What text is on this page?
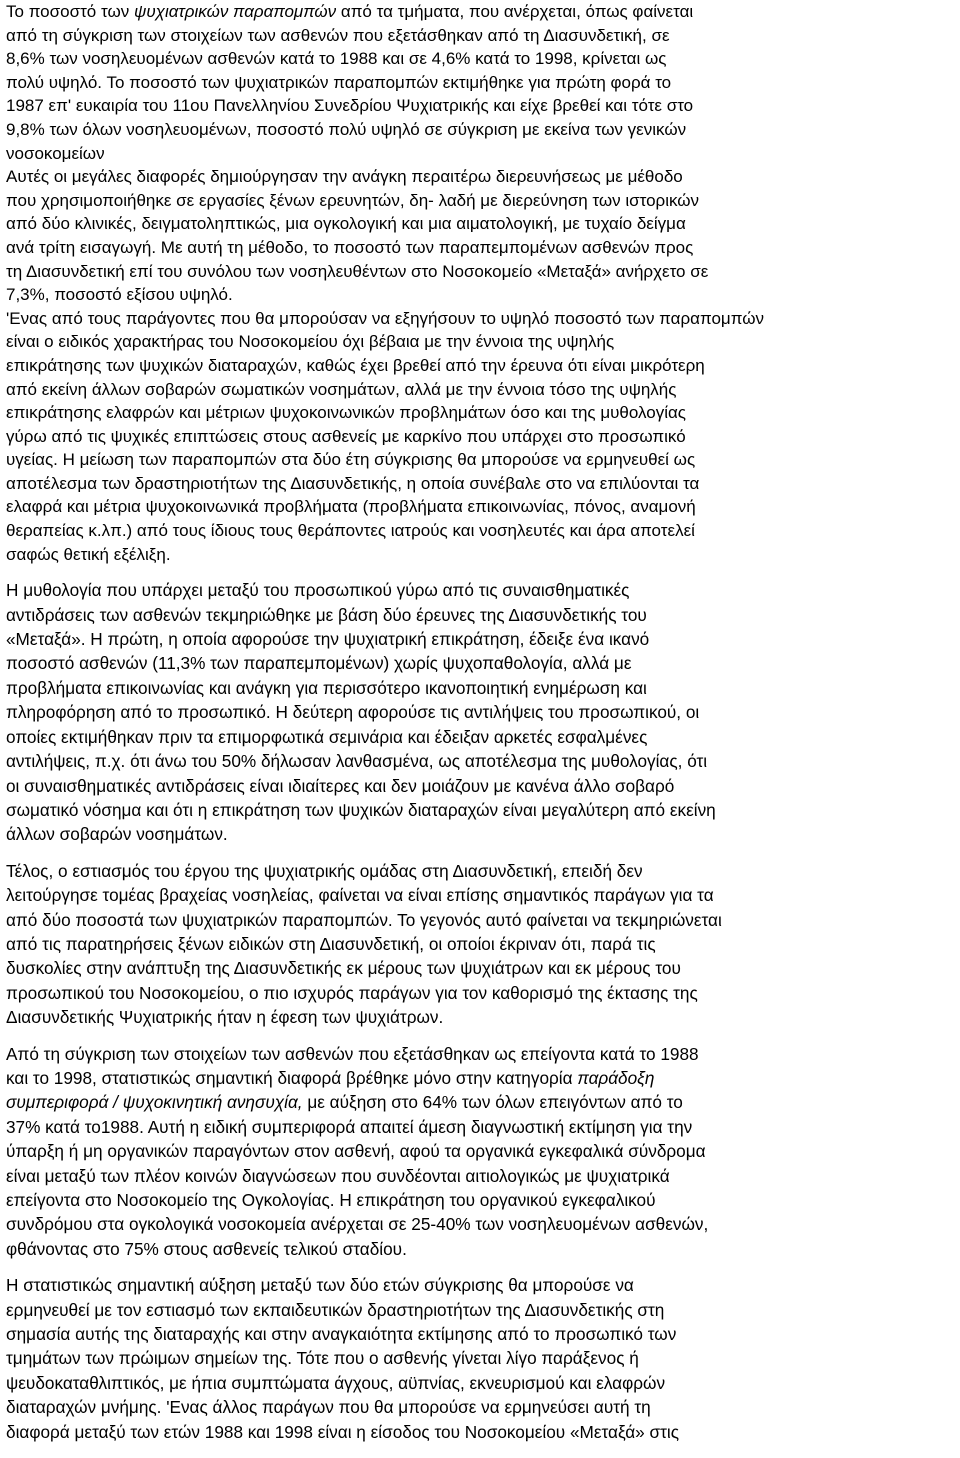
Το ποσοστό των ψυχιατρικών παραπομπών από τα τμήματα, που ανέρχεται, όπως φαίνεται
από τη σύγκριση των στοιχείων των ασθενών που εξετάσθηκαν από τη Διασυνδετική, σε
8,6% των νοσηλευομένων ασθενών κατά το 1988 και σε 4,6% κατά το 1998, κρίνεται ως
πολύ υψηλό. Το ποσοστό των ψυχιατρικών παραπομπών εκτιμήθηκε για πρώτη φορά το
1987 επ' ευκαιρία του 11ου Πανελληνίου Συνεδρίου Ψυχιατρικής και είχε βρεθεί και τότε στο
9,8% των όλων νοσηλευομένων, ποσοστό πολύ υψηλό σε σύγκριση με εκείνα των γενικών
νοσοκομείων
Αυτές οι μεγάλες διαφορές δημιούργησαν την ανάγκη περαιτέρω διερευνήσεως με μέθοδο
που χρησιμοποιήθηκε σε εργασίες ξένων ερευνητών, δη- λαδή με διερεύνηση των ιστορικών
από δύο κλινικές, δειγματοληπτικώς, μια ογκολογική και μια αιματολογική, με τυχαίο δείγμα
ανά τρίτη εισαγωγή. Με αυτή τη μέθοδο, το ποσοστό των παραπεμπομένων ασθενών προς
τη Διασυνδετική επί του συνόλου των νοσηλευθέντων στο Νοσοκομείο «Μεταξά» ανήρχετο σε
7,3%, ποσοστό εξίσου υψηλό.
'Ενας από τους παράγοντες που θα μπορούσαν να εξηγήσουν το υψηλό ποσοστό των παραπομπών
είναι ο ειδικός χαρακτήρας του Νοσοκομείου όχι βέβαια με την έννοια της υψηλής
επικράτησης των ψυχικών διαταραχών, καθώς έχει βρεθεί από την έρευνα ότι είναι μικρότερη
από εκείνη άλλων σοβαρών σωματικών νοσημάτων, αλλά με την έννοια τόσο της υψηλής
επικράτησης ελαφρών και μέτριων ψυχοκοινωνικών προβλημάτων όσο και της μυθολογίας
γύρω από τις ψυχικές επιπτώσεις στους ασθενείς με καρκίνο που υπάρχει στο προσωπικό
υγείας. Η μείωση των παραπομπών στα δύο έτη σύγκρισης θα μπορούσε να ερμηνευθεί ως
αποτέλεσμα των δραστηριοτήτων της Διασυνδετικής, η οποία συνέβαλε στο να επιλύονται τα
ελαφρά και μέτρια ψυχοκοινωνικά προβλήματα (προβλήματα επικοινωνίας, πόνος, αναμονή
θεραπείας κ.λπ.) από τους ίδιους τους θεράποντες ιατρούς και νοσηλευτές και άρα αποτελεί
σαφώς θετική εξέλιξη.
Η μυθολογία που υπάρχει μεταξύ του προσωπικού γύρω από τις συναισθηματικές
αντιδράσεις των ασθενών τεκμηριώθηκε με βάση δύο έρευνες της Διασυνδετικής του
«Μεταξά». Η πρώτη, η οποία αφορούσε την ψυχιατρική επικράτηση, έδειξε ένα ικανό
ποσοστό ασθενών (11,3% των παραπεμπομένων) χωρίς ψυχοπαθολογία, αλλά με
προβλήματα επικοινωνίας και ανάγκη για περισσότερο ικανοποιητική ενημέρωση και
πληροφόρηση από το προσωπικό. Η δεύτερη αφορούσε τις αντιλήψεις του προσωπικού, οι
οποίες εκτιμήθηκαν πριν τα επιμορφωτικά σεμινάρια και έδειξαν αρκετές εσφαλμένες
αντιλήψεις, π.χ. ότι άνω του 50% δήλωσαν λανθασμένα, ως αποτέλεσμα της μυθολογίας, ότι
οι συναισθηματικές αντιδράσεις είναι ιδιαίτερες και δεν μοιάζουν με κανένα άλλο σοβαρό
σωματικό νόσημα και ότι η επικράτηση των ψυχικών διαταραχών είναι μεγαλύτερη από εκείνη
άλλων σοβαρών νοσημάτων.
Τέλος, ο εστιασμός του έργου της ψυχιατρικής ομάδας στη Διασυνδετική, επειδή δεν
λειτούργησε τομέας βραχείας νοσηλείας, φαίνεται να είναι επίσης σημαντικός παράγων για τα
από δύο ποσοστά των ψυχιατρικών παραπομπών. Το γεγονός αυτό φαίνεται να τεκμηριώνεται
από τις παρατηρήσεις ξένων ειδικών στη Διασυνδετική, οι οποίοι έκριναν ότι, παρά τις
δυσκολίες στην ανάπτυξη της Διασυνδετικής εκ μέρους των ψυχιάτρων και εκ μέρους του
προσωπικού του Νοσοκομείου, ο πιο ισχυρός παράγων για τον καθορισμό της έκτασης της
Διασυνδετικής Ψυχιατρικής ήταν η έφεση των ψυχιάτρων.
Από τη σύγκριση των στοιχείων των ασθενών που εξετάσθηκαν ως επείγοντα κατά το 1988
και το 1998, στατιστικώς σημαντική διαφορά βρέθηκε μόνο στην κατηγορία παράδοξη
συμπεριφορά / ψυχοκινητική ανησυχία, με αύξηση στο 64% των όλων επειγόντων από το
37% κατά το1988. Αυτή η ειδική συμπεριφορά απαιτεί άμεση διαγνωστική εκτίμηση για την
ύπαρξη ή μη οργανικών παραγόντων στον ασθενή, αφού τα οργανικά εγκεφαλικά σύνδρομα
είναι μεταξύ των πλέον κοινών διαγνώσεων που συνδέονται αιτιολογικώς με ψυχιατρικά
επείγοντα στο Νοσοκομείο της Ογκολογίας. Η επικράτηση του οργανικού εγκεφαλικού
συνδρόμου στα ογκολογικά νοσοκομεία ανέρχεται σε 25-40% των νοσηλευομένων ασθενών,
φθάνοντας στο 75% στους ασθενείς τελικού σταδίου.
Η στατιστικώς σημαντική αύξηση μεταξύ των δύο ετών σύγκρισης θα μπορούσε να
ερμηνευθεί με τον εστιασμό των εκπαιδευτικών δραστηριοτήτων της Διασυνδετικής στη
σημασία αυτής της διαταραχής και στην αναγκαιότητα εκτίμησης από το προσωπικό των
τμημάτων των πρώιμων σημείων της. Τότε που ο ασθενής γίνεται λίγο παράξενος ή
ψευδοκαταθλιπτικός, με ήπια συμπτώματα άγχους, αϋπνίας, εκνευρισμού και ελαφρών
διαταραχών μνήμης. 'Ενας άλλος παράγων που θα μπορούσε να ερμηνεύσει αυτή τη
διαφορά μεταξύ των ετών 1988 και 1998 είναι η είσοδος του Νοσοκομείου «Μεταξά» στις
